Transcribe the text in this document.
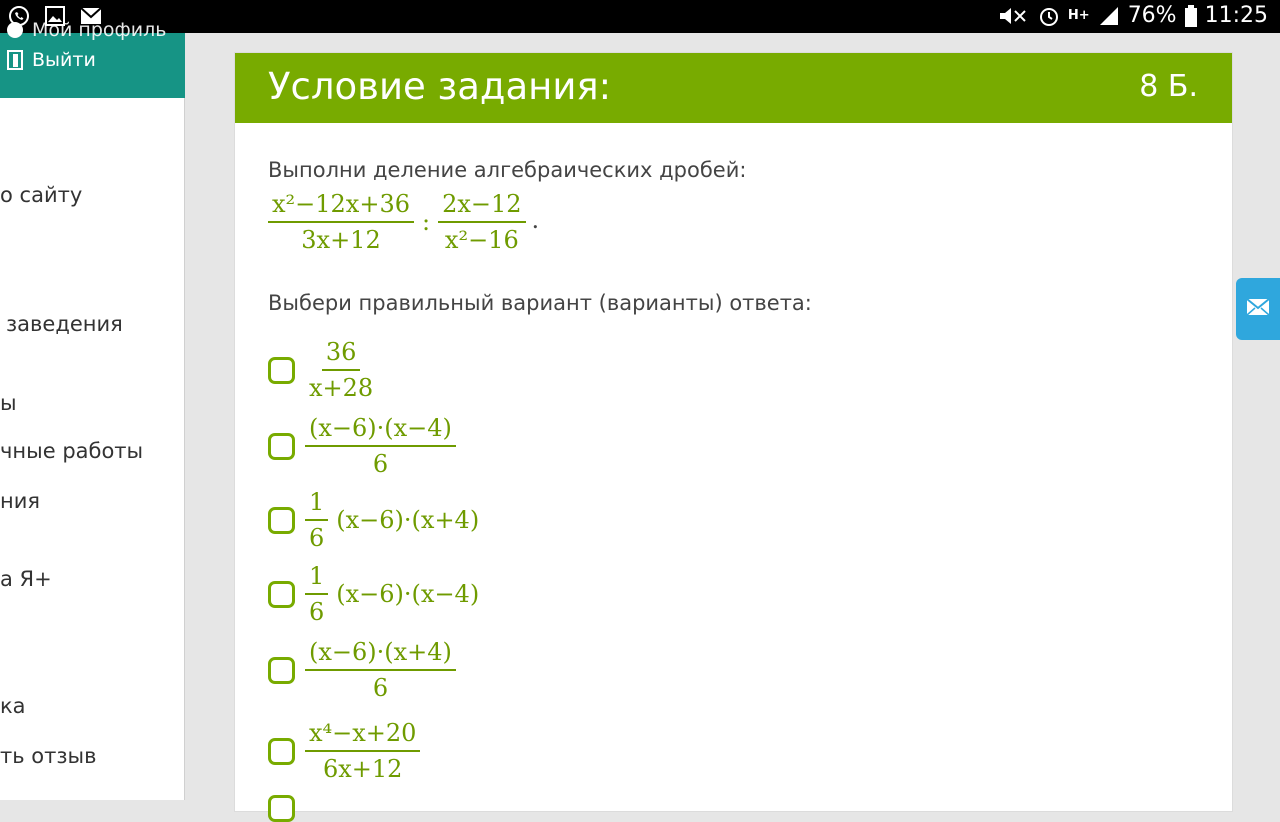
H+ 76% 11:25
Мой профиль
Выйти
о сайту
заведения
ы
чные работы
ния
а Я+
ка
ть отзыв
Условие задания:	8 Б.
Выполни деление алгебраических дробей:
$\frac{\text{x²−12x+36}}{3x+12}$ : $\frac{2x-12}{\text{x²−16}}$ .
Выбери правильный вариант (варианты) ответа:
$\frac{36}{x+28}$
$\frac{(x-6)\cdot(x-4)}{6}$
$\frac{1}{6} (x-6)\cdot(x+4)$
$\frac{1}{6} (x-6)\cdot(x-4)$
$\frac{(x-6)\cdot(x+4)}{6}$
$\frac{\text{x⁴−x+20}}{6x+12}$
